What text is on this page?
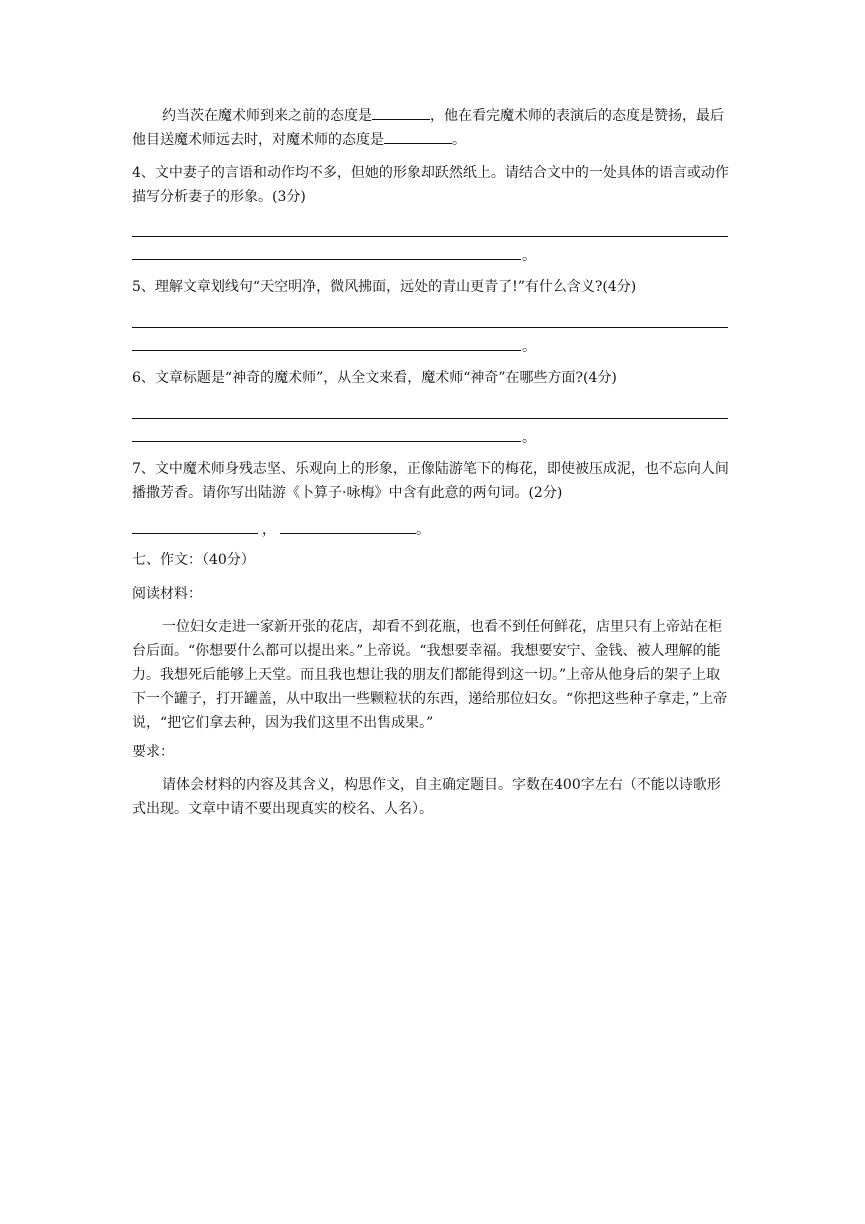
约当茨在魔术师到来之前的态度是	，他在看完魔术师的表演后的态度是赞扬，最后他目送魔术师远去时，对魔术师的态度是	。

4、文中妻子的言语和动作均不多，但她的形象却跃然纸上。请结合文中的一处具体的语言或动作描写分析妻子的形象。(3分)

。

5、理解文章划线句“天空明净，微风拂面，远处的青山更青了!”有什么含义?(4分)

。

6、文章标题是“神奇的魔术师”，从全文来看，魔术师“神奇”在哪些方面?(4分)

。

7、文中魔术师身残志坚、乐观向上的形象，正像陆游笔下的梅花，即使被压成泥，也不忘向人间播撒芳香。请你写出陆游《卜算子·咏梅》中含有此意的两句词。(2分)

，	。

七、作文：（40分）

阅读材料：

一位妇女走进一家新开张的花店，却看不到花瓶，也看不到任何鲜花，店里只有上帝站在柜台后面。“你想要什么都可以提出来。”上帝说。“我想要幸福。我想要安宁、金钱、被人理解的能力。我想死后能够上天堂。而且我也想让我的朋友们都能得到这一切。”上帝从他身后的架子上取下一个罐子，打开罐盖，从中取出一些颗粒状的东西，递给那位妇女。“你把这些种子拿走，”上帝说，“把它们拿去种，因为我们这里不出售成果。”

要求：

请体会材料的内容及其含义，构思作文，自主确定题目。字数在400字左右（不能以诗歌形式出现。文章中请不要出现真实的校名、人名）。
